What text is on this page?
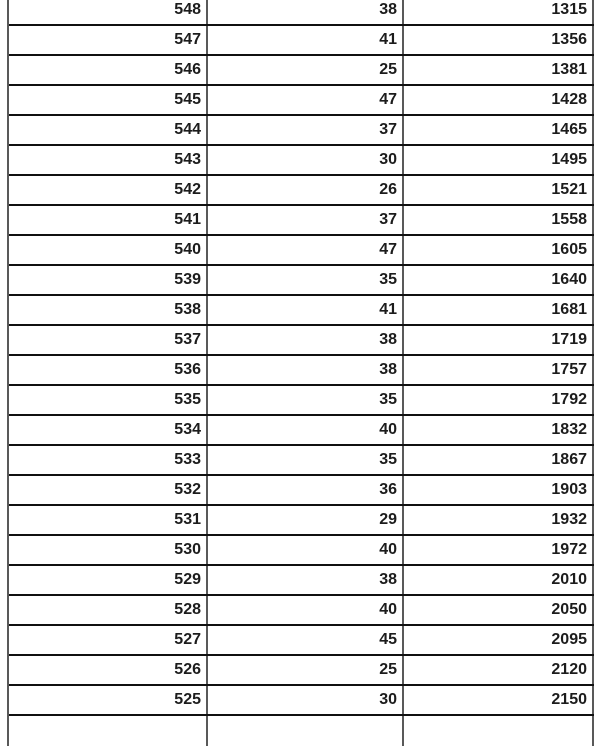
548	38	1315
547	41	1356
546	25	1381
545	47	1428
544	37	1465
543	30	1495
542	26	1521
541	37	1558
540	47	1605
539	35	1640
538	41	1681
537	38	1719
536	38	1757
535	35	1792
534	40	1832
533	35	1867
532	36	1903
531	29	1932
530	40	1972
529	38	2010
528	40	2050
527	45	2095
526	25	2120
525	30	2150
